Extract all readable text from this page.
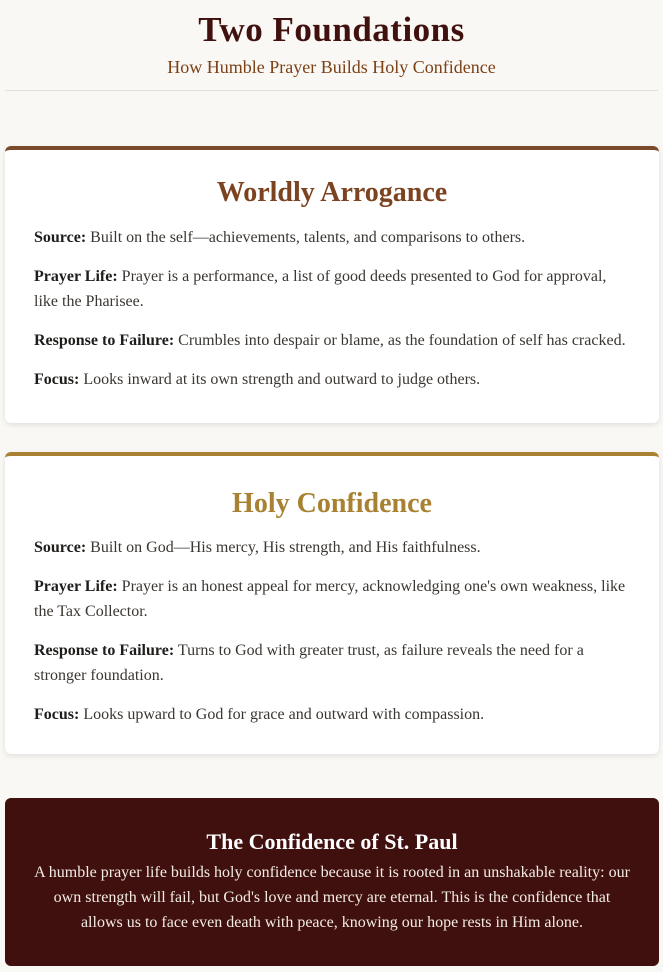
Two Foundations
How Humble Prayer Builds Holy Confidence
Worldly Arrogance

Source: Built on the self—achievements, talents, and comparisons to others.

Prayer Life: Prayer is a performance, a list of good deeds presented to God for approval, like the Pharisee.

Response to Failure: Crumbles into despair or blame, as the foundation of self has cracked.

Focus: Looks inward at its own strength and outward to judge others.

Holy Confidence

Source: Built on God—His mercy, His strength, and His faithfulness.

Prayer Life: Prayer is an honest appeal for mercy, acknowledging one's own weakness, like the Tax Collector.

Response to Failure: Turns to God with greater trust, as failure reveals the need for a stronger foundation.

Focus: Looks upward to God for grace and outward with compassion.

The Confidence of St. Paul

A humble prayer life builds holy confidence because it is rooted in an unshakable reality: our own strength will fail, but God's love and mercy are eternal. This is the confidence that allows us to face even death with peace, knowing our hope rests in Him alone.
